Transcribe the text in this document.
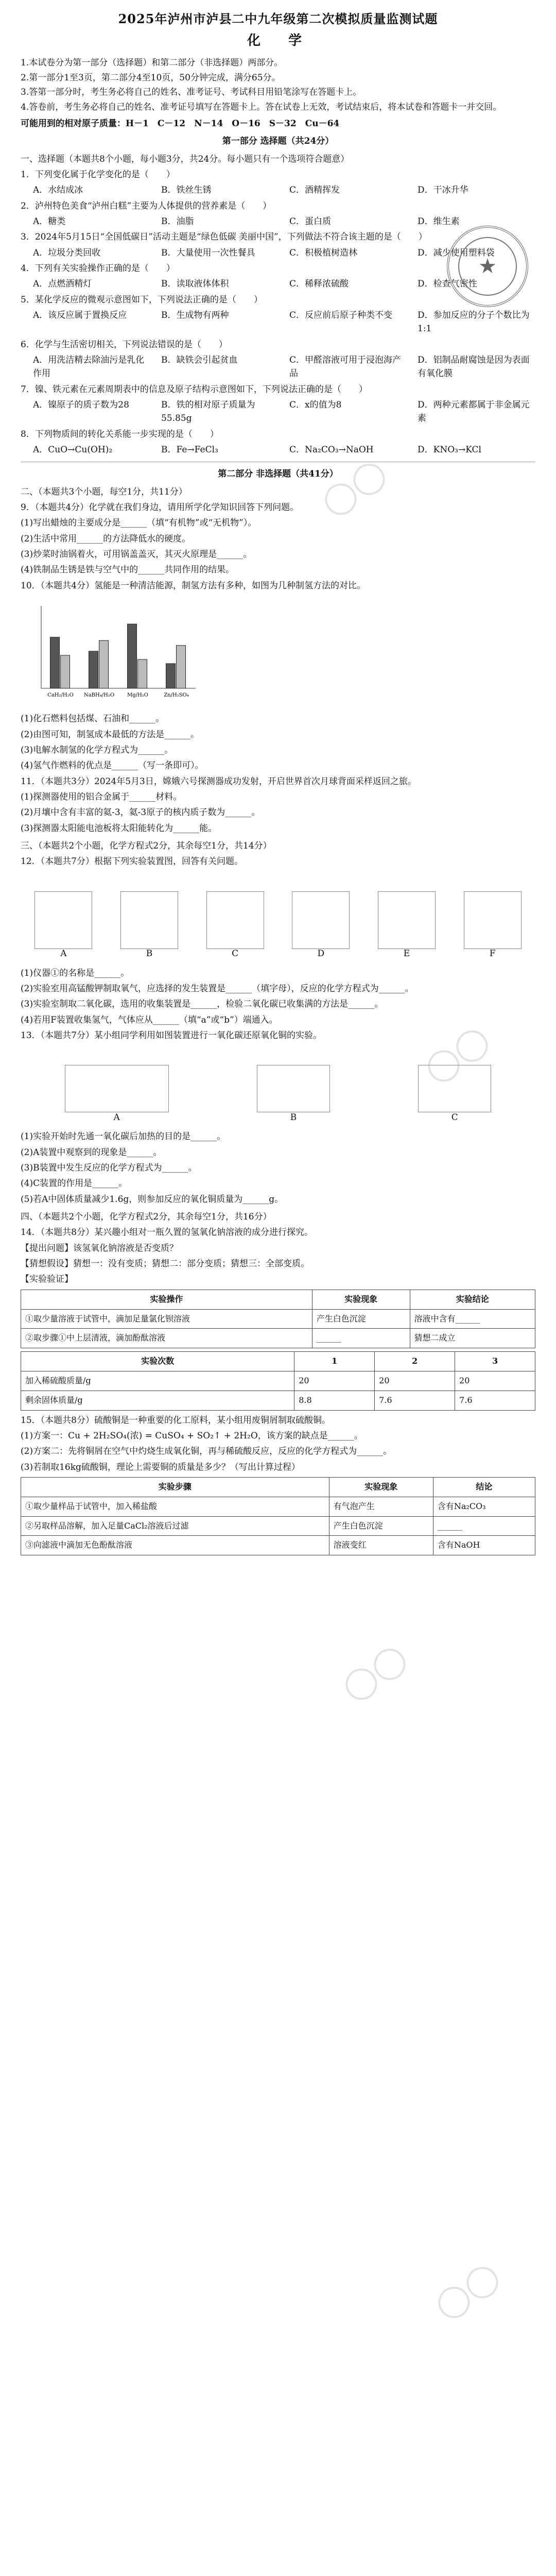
2025年泸州市泸县二中九年级第二次模拟质量监测试题
化　学
1.本试卷分为第一部分（选择题）和第二部分（非选择题）两部分。
2.第一部分1至3页，第二部分4至10页，50分钟完成，满分65分。
3.答第一部分时，考生务必将自己的姓名、准考证号、考试科目用铅笔涂写在答题卡上。
4.答卷前，考生务必将自己的姓名、准考证号填写在答题卡上。答在试卷上无效，考试结束后，将本试卷和答题卡一并交回。
可能用到的相对原子质量：H－1　C－12　N－14　O－16　S－32　Cu－64
第一部分 选择题（共24分）
一、选择题（本题共8个小题，每小题3分，共24分。每小题只有一个选项符合题意）
1．下列变化属于化学变化的是（　　）
A．水结成冰	B．铁丝生锈	C．酒精挥发	D．干冰升华
2．泸州特色美食“泸州白糕”主要为人体提供的营养素是（　　）
A．糖类	B．油脂	C．蛋白质	D．维生素
3．2024年5月15日“全国低碳日”活动主题是“绿色低碳 美丽中国”，下列做法不符合该主题的是（　　）
A．垃圾分类回收	B．大量使用一次性餐具	C．积极植树造林	D．减少使用塑料袋
4．下列有关实验操作正确的是（　　）
A．点燃酒精灯	B．读取液体体积	C．稀释浓硫酸	D．检查气密性
5．某化学反应的微观示意图如下，下列说法正确的是（　　）
A．该反应属于置换反应	B．生成物有两种	C．反应前后原子种类不变	D．参加反应的分子个数比为1:1
6．化学与生活密切相关，下列说法错误的是（　　）
A．用洗洁精去除油污是乳化作用
B．缺铁会引起贫血	C．甲醛溶液可用于浸泡海产品
D．铝制品耐腐蚀是因为表面有氧化膜
7．镍、铁元素在元素周期表中的信息及原子结构示意图如下，下列说法正确的是（　　）
A．镍原子的质子数为28	B．铁的相对原子质量为55.85g
C．x的值为8	D．两种元素都属于非金属元素
8．下列物质间的转化关系能一步实现的是（　　）
A．CuO→Cu(OH)₂	B．Fe→FeCl₃	C．Na₂CO₃→NaOH	D．KNO₃→KCl
第二部分 非选择题（共41分）
二、（本题共3个小题，每空1分，共11分）
9．（本题共4分）化学就在我们身边，请用所学化学知识回答下列问题。
(1)写出蜡烛的主要成分是______（填“有机物”或“无机物”）。
(2)生活中常用______的方法降低水的硬度。
(3)炒菜时油锅着火，可用锅盖盖灭，其灭火原理是______。
(4)铁制品生锈是铁与空气中的______共同作用的结果。
10．（本题共4分）氢能是一种清洁能源，制氢方法有多种，如图为几种制氢方法的对比。
CaH₂/H₂O NaBH₄/H₂O Mg/H₂O	Zn/H₂SO₄
(1)化石燃料包括煤、石油和______。
(2)由图可知，制氢成本最低的方法是______。
(3)电解水制氢的化学方程式为______。
(4)氢气作燃料的优点是______（写一条即可）。
11．（本题共3分）2024年5月3日，嫦娥六号探测器成功发射，开启世界首次月球背面采样返回之旅。
(1)探测器使用的铝合金属于______材料。
(2)月壤中含有丰富的氦-3，氦-3原子的核内质子数为______。
(3)探测器太阳能电池板将太阳能转化为______能。
三、（本题共2个小题，化学方程式2分，其余每空1分，共14分）
12．（本题共7分）根据下列实验装置图，回答有关问题。
A	B	C	D	E	F
(1)仪器①的名称是______。
(2)实验室用高锰酸钾制取氧气，应选择的发生装置是______（填字母），反应的化学方程式为______。
(3)实验室制取二氧化碳，选用的收集装置是______，检验二氧化碳已收集满的方法是______。
(4)若用F装置收集氢气，气体应从______（填“a”或“b”）端通入。
13．（本题共7分）某小组同学利用如图装置进行一氧化碳还原氧化铜的实验。
A	B	C
(1)实验开始时先通一氧化碳后加热的目的是______。
(2)A装置中观察到的现象是______。
(3)B装置中发生反应的化学方程式为______。
(4)C装置的作用是______。
(5)若A中固体质量减少1.6g，则参加反应的氧化铜质量为______g。
四、（本题共2个小题，化学方程式2分，其余每空1分，共16分）
14．（本题共8分）某兴趣小组对一瓶久置的氢氧化钠溶液的成分进行探究。
【提出问题】该氢氧化钠溶液是否变质？
【猜想假设】猜想一：没有变质；猜想二：部分变质；猜想三：全部变质。
【实验验证】
实验操作	实验现象	实验结论
①取少量溶液于试管中，滴加足量氯化钡溶液	产生白色沉淀	溶液中含有______
②取步骤①中上层清液，滴加酚酞溶液	______	猜想二成立
实验次数	1	2	3
加入稀硫酸质量/g	20	20	20
剩余固体质量/g	8.8	7.6	7.6
15．（本题共8分）硫酸铜是一种重要的化工原料，某小组用废铜屑制取硫酸铜。
(1)方案一：Cu + 2H₂SO₄(浓) = CuSO₄ + SO₂↑ + 2H₂O，该方案的缺点是______。
(2)方案二：先将铜屑在空气中灼烧生成氧化铜，再与稀硫酸反应，反应的化学方程式为______。
(3)若制取16kg硫酸铜，理论上需要铜的质量是多少？（写出计算过程）
实验步骤	实验现象	结论
①取少量样品于试管中，加入稀盐酸	有气泡产生	含有Na₂CO₃
②另取样品溶解，加入足量CaCl₂溶液后过滤	产生白色沉淀	______
③向滤液中滴加无色酚酞溶液	溶液变红	含有NaOH
★
◯◯
◯◯
◯◯
◯◯
